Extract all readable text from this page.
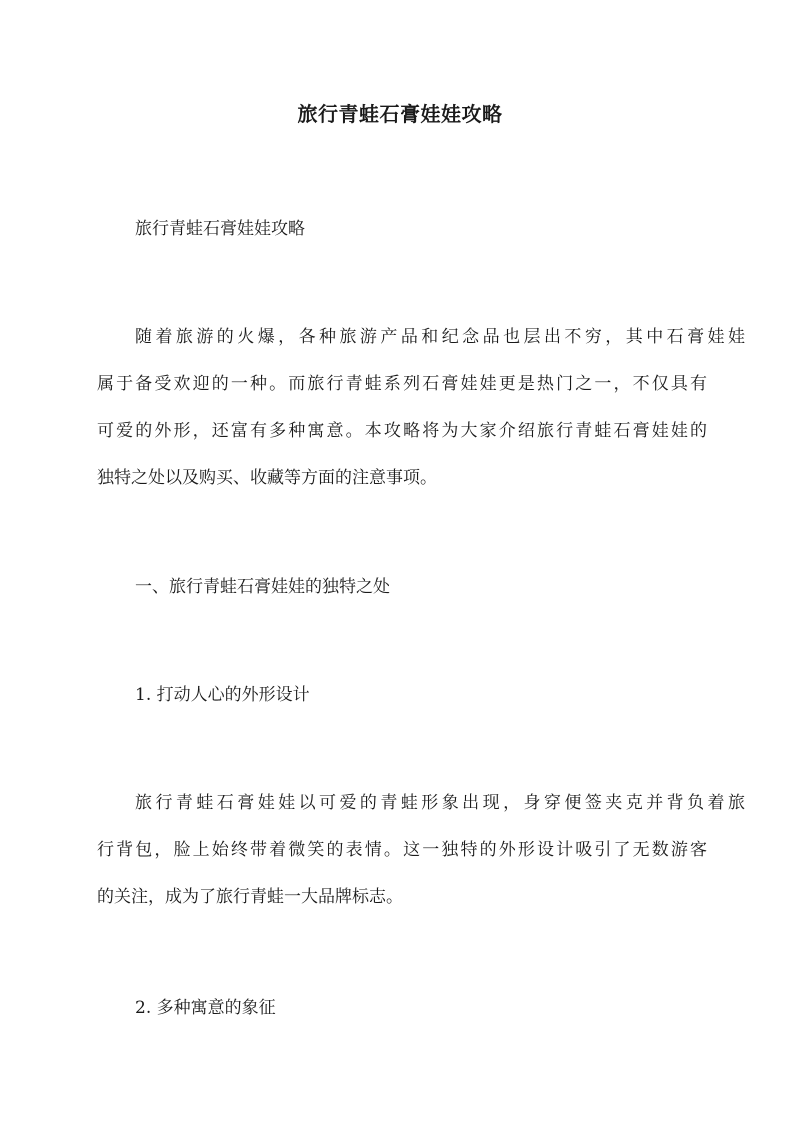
旅行青蛙石膏娃娃攻略
旅行青蛙石膏娃娃攻略
随着旅游的火爆，各种旅游产品和纪念品也层出不穷，其中石膏娃娃
属于备受欢迎的一种。而旅行青蛙系列石膏娃娃更是热门之一，不仅具有
可爱的外形，还富有多种寓意。本攻略将为大家介绍旅行青蛙石膏娃娃的
独特之处以及购买、收藏等方面的注意事项。
一、旅行青蛙石膏娃娃的独特之处
1. 打动人心的外形设计
旅行青蛙石膏娃娃以可爱的青蛙形象出现，身穿便签夹克并背负着旅
行背包，脸上始终带着微笑的表情。这一独特的外形设计吸引了无数游客
的关注，成为了旅行青蛙一大品牌标志。
2. 多种寓意的象征
